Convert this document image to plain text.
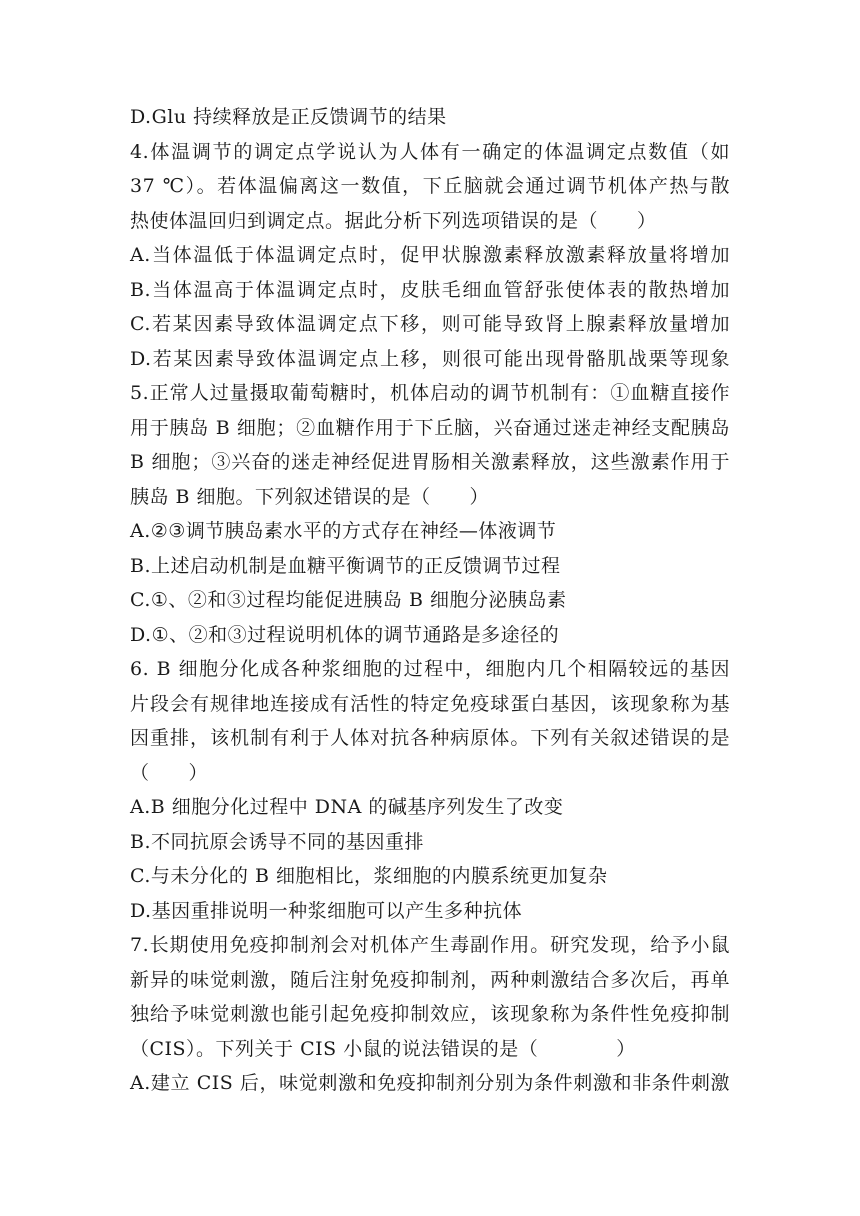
D.Glu 持续释放是正反馈调节的结果
4.体温调节的调定点学说认为人体有一确定的体温调定点数值（如
37 ℃）。若体温偏离这一数值，下丘脑就会通过调节机体产热与散
热使体温回归到调定点。据此分析下列选项错误的是（　　）
A.当体温低于体温调定点时，促甲状腺激素释放激素释放量将增加
B.当体温高于体温调定点时，皮肤毛细血管舒张使体表的散热增加
C.若某因素导致体温调定点下移，则可能导致肾上腺素释放量增加
D.若某因素导致体温调定点上移，则很可能出现骨骼肌战栗等现象
5.正常人过量摄取葡萄糖时，机体启动的调节机制有：①血糖直接作
用于胰岛 B 细胞；②血糖作用于下丘脑，兴奋通过迷走神经支配胰岛
B 细胞；③兴奋的迷走神经促进胃肠相关激素释放，这些激素作用于
胰岛 B 细胞。下列叙述错误的是（　　）
A.②③调节胰岛素水平的方式存在神经—体液调节
B.上述启动机制是血糖平衡调节的正反馈调节过程
C.①、②和③过程均能促进胰岛 B 细胞分泌胰岛素
D.①、②和③过程说明机体的调节通路是多途径的
6. B 细胞分化成各种浆细胞的过程中，细胞内几个相隔较远的基因
片段会有规律地连接成有活性的特定免疫球蛋白基因，该现象称为基
因重排，该机制有利于人体对抗各种病原体。下列有关叙述错误的是
（　　）
A.B 细胞分化过程中 DNA 的碱基序列发生了改变
B.不同抗原会诱导不同的基因重排
C.与未分化的 B 细胞相比，浆细胞的内膜系统更加复杂
D.基因重排说明一种浆细胞可以产生多种抗体
7.长期使用免疫抑制剂会对机体产生毒副作用。研究发现，给予小鼠
新异的味觉刺激，随后注射免疫抑制剂，两种刺激结合多次后，再单
独给予味觉刺激也能引起免疫抑制效应，该现象称为条件性免疫抑制
（CIS）。下列关于 CIS 小鼠的说法错误的是（　　　　）
A.建立 CIS 后，味觉刺激和免疫抑制剂分别为条件刺激和非条件刺激
